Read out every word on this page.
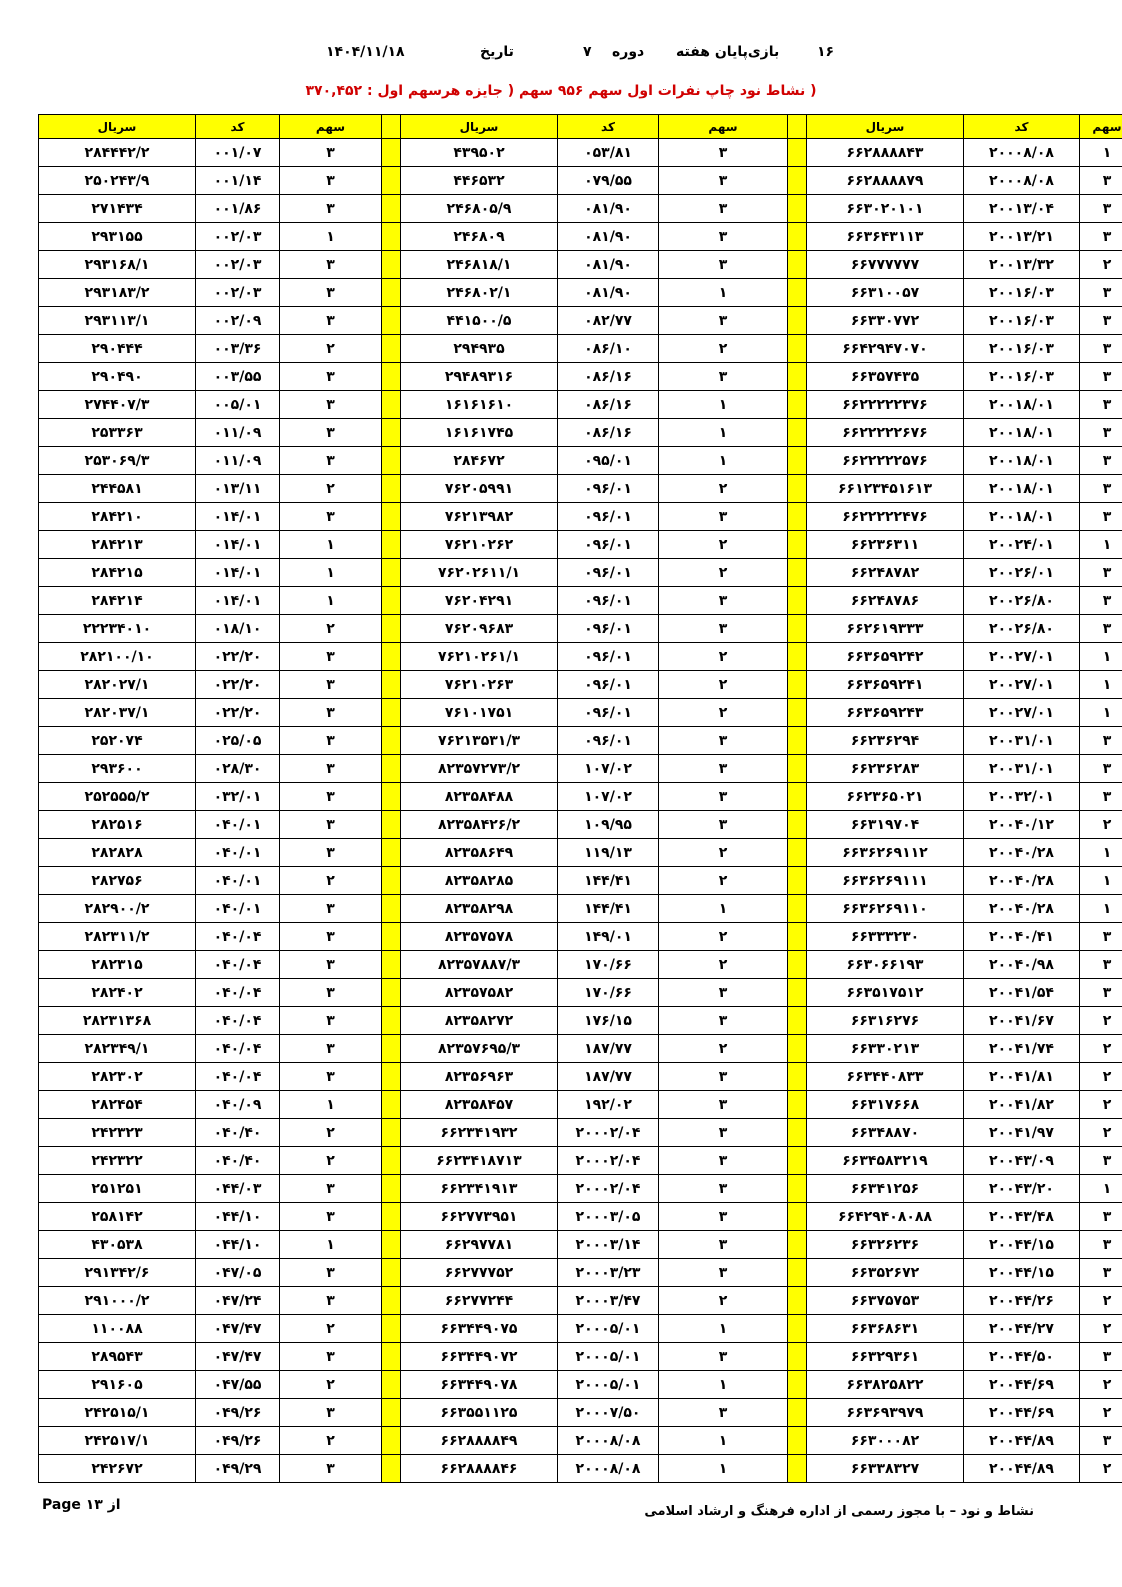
۱۶
بازی‌پایان هفته
دوره
۷
تاریخ
۱۴۰۴/۱۱/۱۸
( نشاط نود چاپ نفرات اول سهم ۹۵۶ سهم ( جایزه هرسهم اول : ۳۷۰,۴۵۲
سهم	کد	سریال		سهم	کد	سریال		سهم	کد	سریال
۱	۲۰۰۰۸/۰۸	۶۶۲۸۸۸۸۴۳		۳	۰۵۳/۸۱	۴۳۹۵۰۲		۳	۰۰۱/۰۷	۲۸۴۴۴۲/۲
۳	۲۰۰۰۸/۰۸	۶۶۲۸۸۸۸۷۹		۳	۰۷۹/۵۵	۴۴۶۵۳۲		۳	۰۰۱/۱۴	۲۵۰۲۴۳/۹
۳	۲۰۰۱۳/۰۴	۶۶۳۰۲۰۱۰۱		۳	۰۸۱/۹۰	۲۴۶۸۰۵/۹		۳	۰۰۱/۸۶	۲۷۱۴۳۴
۳	۲۰۰۱۳/۲۱	۶۶۳۶۴۳۱۱۳		۳	۰۸۱/۹۰	۲۴۶۸۰۹		۱	۰۰۲/۰۳	۲۹۳۱۵۵
۲	۲۰۰۱۳/۳۲	۶۶۷۷۷۷۷۷		۳	۰۸۱/۹۰	۲۴۶۸۱۸/۱		۳	۰۰۲/۰۳	۲۹۳۱۶۸/۱
۳	۲۰۰۱۶/۰۳	۶۶۳۱۰۰۵۷		۱	۰۸۱/۹۰	۲۴۶۸۰۲/۱		۳	۰۰۲/۰۳	۲۹۳۱۸۳/۲
۳	۲۰۰۱۶/۰۳	۶۶۳۳۰۷۷۲		۳	۰۸۲/۷۷	۴۴۱۵۰۰/۵		۳	۰۰۲/۰۹	۲۹۳۱۱۳/۱
۳	۲۰۰۱۶/۰۳	۶۶۴۲۹۴۷۰۷۰		۲	۰۸۶/۱۰	۲۹۴۹۳۵		۲	۰۰۳/۳۶	۲۹۰۴۴۴
۳	۲۰۰۱۶/۰۳	۶۶۳۵۷۴۳۵		۳	۰۸۶/۱۶	۲۹۴۸۹۳۱۶		۳	۰۰۳/۵۵	۲۹۰۴۹۰
۳	۲۰۰۱۸/۰۱	۶۶۲۲۲۲۲۳۷۶		۱	۰۸۶/۱۶	۱۶۱۶۱۶۱۰		۳	۰۰۵/۰۱	۲۷۴۴۰۷/۳
۳	۲۰۰۱۸/۰۱	۶۶۲۲۲۲۲۶۷۶		۱	۰۸۶/۱۶	۱۶۱۶۱۷۴۵		۳	۰۱۱/۰۹	۲۵۳۳۶۳
۳	۲۰۰۱۸/۰۱	۶۶۲۲۲۲۲۵۷۶		۱	۰۹۵/۰۱	۲۸۴۶۷۲		۳	۰۱۱/۰۹	۲۵۳۰۶۹/۳
۳	۲۰۰۱۸/۰۱	۶۶۱۲۳۴۵۱۶۱۳		۲	۰۹۶/۰۱	۷۶۲۰۵۹۹۱		۲	۰۱۳/۱۱	۲۴۴۵۸۱
۳	۲۰۰۱۸/۰۱	۶۶۲۲۲۲۲۴۷۶		۳	۰۹۶/۰۱	۷۶۲۱۳۹۸۲		۳	۰۱۴/۰۱	۲۸۴۲۱۰
۱	۲۰۰۲۴/۰۱	۶۶۲۳۶۳۱۱		۲	۰۹۶/۰۱	۷۶۲۱۰۲۶۲		۱	۰۱۴/۰۱	۲۸۴۲۱۳
۳	۲۰۰۲۶/۰۱	۶۶۲۴۸۷۸۲		۲	۰۹۶/۰۱	۷۶۲۰۲۶۱۱/۱		۱	۰۱۴/۰۱	۲۸۴۲۱۵
۳	۲۰۰۲۶/۸۰	۶۶۲۴۸۷۸۶		۳	۰۹۶/۰۱	۷۶۲۰۴۲۹۱		۱	۰۱۴/۰۱	۲۸۴۲۱۴
۳	۲۰۰۲۶/۸۰	۶۶۲۶۱۹۳۳۳		۳	۰۹۶/۰۱	۷۶۲۰۹۶۸۳		۲	۰۱۸/۱۰	۲۲۲۳۴۰۱۰
۱	۲۰۰۲۷/۰۱	۶۶۳۶۵۹۲۴۲		۲	۰۹۶/۰۱	۷۶۲۱۰۲۶۱/۱		۳	۰۲۲/۲۰	۲۸۲۱۰۰/۱۰
۱	۲۰۰۲۷/۰۱	۶۶۳۶۵۹۲۴۱		۲	۰۹۶/۰۱	۷۶۲۱۰۲۶۳		۳	۰۲۲/۲۰	۲۸۲۰۲۷/۱
۱	۲۰۰۲۷/۰۱	۶۶۳۶۵۹۲۴۳		۲	۰۹۶/۰۱	۷۶۱۰۱۷۵۱		۳	۰۲۲/۲۰	۲۸۲۰۳۷/۱
۳	۲۰۰۳۱/۰۱	۶۶۲۳۶۲۹۴		۳	۰۹۶/۰۱	۷۶۲۱۳۵۳۱/۳		۳	۰۲۵/۰۵	۲۵۲۰۷۴
۳	۲۰۰۳۱/۰۱	۶۶۲۳۶۲۸۳		۳	۱۰۷/۰۲	۸۲۳۵۷۲۷۳/۲		۳	۰۲۸/۳۰	۲۹۳۶۰۰
۳	۲۰۰۳۲/۰۱	۶۶۲۳۶۵۰۲۱		۳	۱۰۷/۰۲	۸۲۳۵۸۴۸۸		۳	۰۳۲/۰۱	۲۵۲۵۵۵/۲
۲	۲۰۰۴۰/۱۲	۶۶۳۱۹۷۰۴		۳	۱۰۹/۹۵	۸۲۳۵۸۴۲۶/۲		۳	۰۴۰/۰۱	۲۸۲۵۱۶
۱	۲۰۰۴۰/۲۸	۶۶۳۶۲۶۹۱۱۲		۲	۱۱۹/۱۳	۸۲۳۵۸۶۴۹		۳	۰۴۰/۰۱	۲۸۲۸۲۸
۱	۲۰۰۴۰/۲۸	۶۶۳۶۲۶۹۱۱۱		۲	۱۴۴/۴۱	۸۲۳۵۸۲۸۵		۲	۰۴۰/۰۱	۲۸۲۷۵۶
۱	۲۰۰۴۰/۲۸	۶۶۳۶۲۶۹۱۱۰		۱	۱۴۴/۴۱	۸۲۳۵۸۲۹۸		۳	۰۴۰/۰۱	۲۸۲۹۰۰/۲
۳	۲۰۰۴۰/۴۱	۶۶۳۳۳۲۳۰		۲	۱۴۹/۰۱	۸۲۳۵۷۵۷۸		۳	۰۴۰/۰۴	۲۸۲۳۱۱/۲
۳	۲۰۰۴۰/۹۸	۶۶۳۰۶۶۱۹۳		۲	۱۷۰/۶۶	۸۲۳۵۷۸۸۷/۳		۳	۰۴۰/۰۴	۲۸۲۳۱۵
۳	۲۰۰۴۱/۵۴	۶۶۳۵۱۷۵۱۲		۳	۱۷۰/۶۶	۸۲۳۵۷۵۸۲		۳	۰۴۰/۰۴	۲۸۲۴۰۲
۲	۲۰۰۴۱/۶۷	۶۶۳۱۶۲۷۶		۳	۱۷۶/۱۵	۸۲۳۵۸۲۷۲		۳	۰۴۰/۰۴	۲۸۲۳۱۳۶۸
۲	۲۰۰۴۱/۷۴	۶۶۳۳۰۲۱۳		۲	۱۸۷/۷۷	۸۲۳۵۷۶۹۵/۳		۳	۰۴۰/۰۴	۲۸۲۳۴۹/۱
۲	۲۰۰۴۱/۸۱	۶۶۳۴۴۰۸۳۳		۳	۱۸۷/۷۷	۸۲۳۵۶۹۶۳		۳	۰۴۰/۰۴	۲۸۲۳۰۲
۲	۲۰۰۴۱/۸۲	۶۶۳۱۷۶۶۸		۳	۱۹۲/۰۲	۸۲۳۵۸۴۵۷		۱	۰۴۰/۰۹	۲۸۲۴۵۴
۲	۲۰۰۴۱/۹۷	۶۶۳۴۸۸۷۰		۳	۲۰۰۰۲/۰۴	۶۶۲۳۴۱۹۳۲		۲	۰۴۰/۴۰	۲۴۲۳۲۳
۳	۲۰۰۴۳/۰۹	۶۶۳۴۵۸۳۲۱۹		۳	۲۰۰۰۲/۰۴	۶۶۲۳۴۱۸۷۱۳		۲	۰۴۰/۴۰	۲۴۲۳۲۲
۱	۲۰۰۴۳/۲۰	۶۶۳۴۱۲۵۶		۳	۲۰۰۰۲/۰۴	۶۶۲۳۴۱۹۱۳		۳	۰۴۴/۰۳	۲۵۱۲۵۱
۳	۲۰۰۴۳/۴۸	۶۶۴۲۹۴۰۸۰۸۸		۳	۲۰۰۰۳/۰۵	۶۶۲۷۷۳۹۵۱		۳	۰۴۴/۱۰	۲۵۸۱۴۲
۳	۲۰۰۴۴/۱۵	۶۶۳۲۶۲۳۶		۳	۲۰۰۰۳/۱۴	۶۶۲۹۷۷۸۱		۱	۰۴۴/۱۰	۴۳۰۵۳۸
۳	۲۰۰۴۴/۱۵	۶۶۳۵۲۶۷۲		۳	۲۰۰۰۳/۲۳	۶۶۲۷۷۷۵۲		۳	۰۴۷/۰۵	۲۹۱۳۴۲/۶
۲	۲۰۰۴۴/۲۶	۶۶۳۷۵۷۵۳		۲	۲۰۰۰۳/۴۷	۶۶۲۷۷۲۴۴		۳	۰۴۷/۲۴	۲۹۱۰۰۰/۲
۲	۲۰۰۴۴/۲۷	۶۶۳۶۸۶۳۱		۱	۲۰۰۰۵/۰۱	۶۶۳۴۴۹۰۷۵		۲	۰۴۷/۴۷	۱۱۰۰۸۸
۳	۲۰۰۴۴/۵۰	۶۶۳۲۹۳۶۱		۳	۲۰۰۰۵/۰۱	۶۶۳۴۴۹۰۷۲		۳	۰۴۷/۴۷	۲۸۹۵۴۳
۲	۲۰۰۴۴/۶۹	۶۶۳۸۲۵۸۲۲		۱	۲۰۰۰۵/۰۱	۶۶۳۴۴۹۰۷۸		۲	۰۴۷/۵۵	۲۹۱۶۰۵
۲	۲۰۰۴۴/۶۹	۶۶۳۶۹۳۹۷۹		۳	۲۰۰۰۷/۵۰	۶۶۳۵۵۱۱۲۵		۳	۰۴۹/۲۶	۲۴۲۵۱۵/۱
۳	۲۰۰۴۴/۸۹	۶۶۳۰۰۰۸۲		۱	۲۰۰۰۸/۰۸	۶۶۲۸۸۸۸۴۹		۲	۰۴۹/۲۶	۲۴۲۵۱۷/۱
۲	۲۰۰۴۴/۸۹	۶۶۳۳۸۳۲۷		۱	۲۰۰۰۸/۰۸	۶۶۲۸۸۸۸۴۶		۳	۰۴۹/۲۹	۲۴۲۶۷۲
Page ۱۳ از	نشاط و نود – با مجوز رسمی از اداره فرهنگ و ارشاد اسلامی
